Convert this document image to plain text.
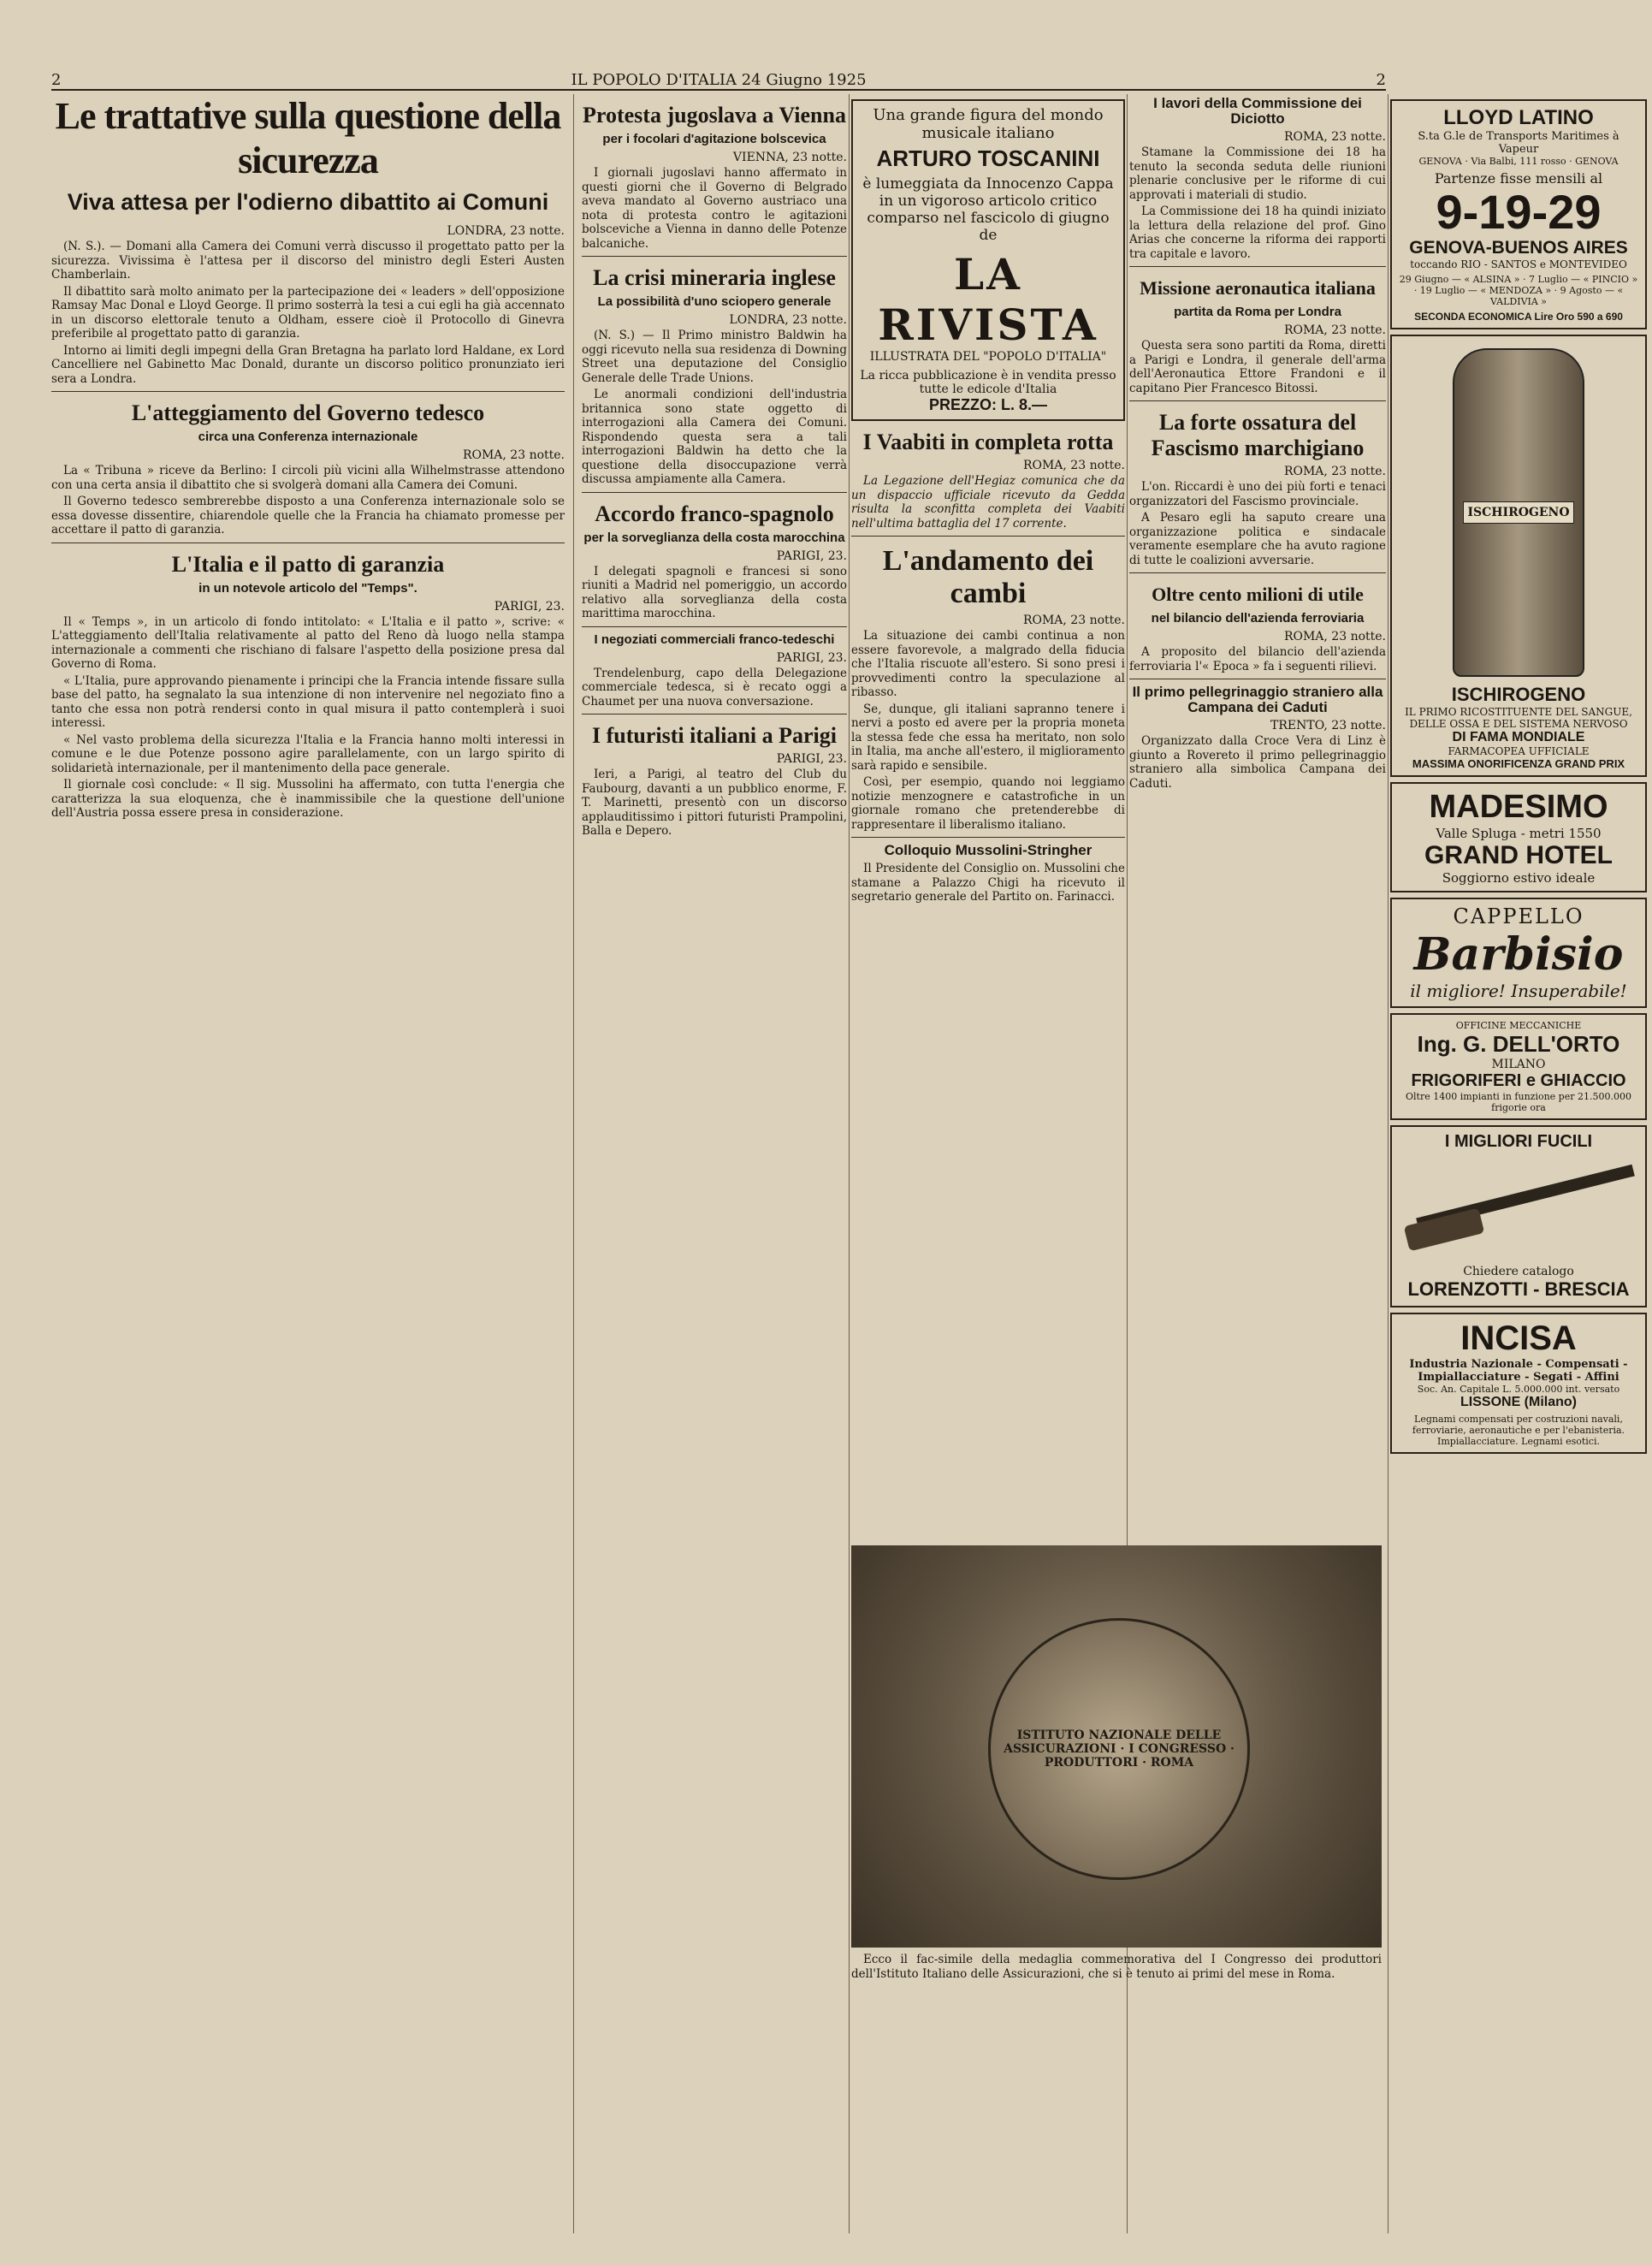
2	IL POPOLO D'ITALIA 24 Giugno 1925	2
Le trattative sulla questione della sicurezza
Viva attesa per l'odierno dibattito ai Comuni
LONDRA, 23 notte.

(N. S.). — Domani alla Camera dei Comuni verrà discusso il progettato patto per la sicurezza. Vivissima è l'attesa per il discorso del ministro degli Esteri Austen Chamberlain.

Il dibattito sarà molto animato per la partecipazione dei « leaders » dell'opposizione Ramsay Mac Donal e Lloyd George. Il primo sosterrà la tesi a cui egli ha già accennato in un discorso elettorale tenuto a Oldham, essere cioè il Protocollo di Ginevra preferibile al progettato patto di garanzia.

Intorno ai limiti degli impegni della Gran Bretagna ha parlato lord Haldane, ex Lord Cancelliere nel Gabinetto Mac Donald, durante un discorso politico pronunziato ieri sera a Londra.

L'atteggiamento del Governo tedesco
circa una Conferenza internazionale
ROMA, 23 notte.

La « Tribuna » riceve da Berlino: I circoli più vicini alla Wilhelmstrasse attendono con una certa ansia il dibattito che si svolgerà domani alla Camera dei Comuni.

Il Governo tedesco sembrerebbe disposto a una Conferenza internazionale solo se essa dovesse dissentire, chiarendole quelle che la Francia ha chiamato promesse per accettare il patto di garanzia.

L'Italia e il patto di garanzia
in un notevole articolo del "Temps".
PARIGI, 23.

Il « Temps », in un articolo di fondo intitolato: « L'Italia e il patto », scrive: « L'atteggiamento dell'Italia relativamente al patto del Reno dà luogo nella stampa internazionale a commenti che rischiano di falsare l'aspetto della posizione presa dal Governo di Roma.

« L'Italia, pure approvando pienamente i principi che la Francia intende fissare sulla base del patto, ha segnalato la sua intenzione di non intervenire nel negoziato fino a tanto che essa non potrà rendersi conto in qual misura il patto contemplerà i suoi interessi.

« Nel vasto problema della sicurezza l'Italia e la Francia hanno molti interessi in comune e le due Potenze possono agire parallelamente, con un largo spirito di solidarietà internazionale, per il mantenimento della pace generale.

Il giornale così conclude: « Il sig. Mussolini ha affermato, con tutta l'energia che caratterizza la sua eloquenza, che è inammissibile che la questione dell'unione dell'Austria possa essere presa in considerazione.

Protesta jugoslava a Vienna
per i focolari d'agitazione bolscevica
VIENNA, 23 notte.

I giornali jugoslavi hanno affermato in questi giorni che il Governo di Belgrado aveva mandato al Governo austriaco una nota di protesta contro le agitazioni bolsceviche a Vienna in danno delle Potenze balcaniche.

La crisi mineraria inglese
La possibilità d'uno sciopero generale
LONDRA, 23 notte.

(N. S.) — Il Primo ministro Baldwin ha oggi ricevuto nella sua residenza di Downing Street una deputazione del Consiglio Generale delle Trade Unions.

Le anormali condizioni dell'industria britannica sono state oggetto di interrogazioni alla Camera dei Comuni. Rispondendo questa sera a tali interrogazioni Baldwin ha detto che la questione della disoccupazione verrà discussa ampiamente alla Camera.

Accordo franco-spagnolo
per la sorveglianza della costa marocchina
PARIGI, 23.

I delegati spagnoli e francesi si sono riuniti a Madrid nel pomeriggio, un accordo relativo alla sorveglianza della costa marittima marocchina.

I negoziati commerciali franco-tedeschi
PARIGI, 23.

Trendelenburg, capo della Delegazione commerciale tedesca, si è recato oggi a Chaumet per una nuova conversazione.

I futuristi italiani a Parigi
PARIGI, 23.

Ieri, a Parigi, al teatro del Club du Faubourg, davanti a un pubblico enorme, F. T. Marinetti, presentò con un discorso applauditissimo i pittori futuristi Prampolini, Balla e Depero.

Una grande figura del mondo musicale italiano
ARTURO TOSCANINI
è lumeggiata da Innocenzo Cappa in un vigoroso articolo critico comparso nel fascicolo di giugno de
LA RIVISTA
ILLUSTRATA DEL "POPOLO D'ITALIA"
La ricca pubblicazione è in vendita presso tutte le edicole d'Italia
PREZZO: L. 8.—
I Vaabiti in completa rotta
ROMA, 23 notte.

La Legazione dell'Hegiaz comunica che da un dispaccio ufficiale ricevuto da Gedda risulta la sconfitta completa dei Vaabiti nell'ultima battaglia del 17 corrente.

L'andamento dei cambi
ROMA, 23 notte.

La situazione dei cambi continua a non essere favorevole, a malgrado della fiducia che l'Italia riscuote all'estero. Si sono presi i provvedimenti contro la speculazione al ribasso.

Se, dunque, gli italiani sapranno tenere i nervi a posto ed avere per la propria moneta la stessa fede che essa ha meritato, non solo in Italia, ma anche all'estero, il miglioramento sarà rapido e sensibile.

Così, per esempio, quando noi leggiamo notizie menzognere e catastrofiche in un giornale romano che pretenderebbe di rappresentare il liberalismo italiano.

Colloquio Mussolini-Stringher

Il Presidente del Consiglio on. Mussolini che stamane a Palazzo Chigi ha ricevuto il segretario generale del Partito on. Farinacci.

I lavori della Commissione dei Diciotto
ROMA, 23 notte.

Stamane la Commissione dei 18 ha tenuto la seconda seduta delle riunioni plenarie conclusive per le riforme di cui approvati i materiali di studio.

La Commissione dei 18 ha quindi iniziato la lettura della relazione del prof. Gino Arias che concerne la riforma dei rapporti tra capitale e lavoro.

Missione aeronautica italiana
partita da Roma per Londra
ROMA, 23 notte.

Questa sera sono partiti da Roma, diretti a Parigi e Londra, il generale dell'arma dell'Aeronautica Ettore Frandoni e il capitano Pier Francesco Bitossi.

La forte ossatura del Fascismo marchigiano
ROMA, 23 notte.

L'on. Riccardi è uno dei più forti e tenaci organizzatori del Fascismo provinciale.

A Pesaro egli ha saputo creare una organizzazione politica e sindacale veramente esemplare che ha avuto ragione di tutte le coalizioni avversarie.

Oltre cento milioni di utile
nel bilancio dell'azienda ferroviaria
ROMA, 23 notte.

A proposito del bilancio dell'azienda ferroviaria l'« Epoca » fa i seguenti rilievi.

Il primo pellegrinaggio straniero alla Campana dei Caduti
TRENTO, 23 notte.

Organizzato dalla Croce Vera di Linz è giunto a Rovereto il primo pellegrinaggio straniero alla simbolica Campana dei Caduti.

ISTITUTO NAZIONALE DELLE ASSICURAZIONI · I CONGRESSO · PRODUTTORI · ROMA

Ecco il fac-simile della medaglia commemorativa del I Congresso dei produttori dell'Istituto Italiano delle Assicurazioni, che si è tenuto ai primi del mese in Roma.

LLOYD LATINO
S.ta G.le de Transports Maritimes à Vapeur
GENOVA · Via Balbi, 111 rosso · GENOVA
Partenze fisse mensili al
9-19-29
GENOVA-BUENOS AIRES
toccando RIO - SANTOS e MONTEVIDEO
29 Giugno — « ALSINA » · 7 Luglio — « PINCIO » · 19 Luglio — « MENDOZA » · 9 Agosto — « VALDIVIA »
SECONDA ECONOMICA Lire Oro 590 a 690
ISCHIROGENO
ISCHIROGENO
IL PRIMO RICOSTITUENTE DEL SANGUE, DELLE OSSA E DEL SISTEMA NERVOSO
DI FAMA MONDIALE
FARMACOPEA UFFICIALE
MASSIMA ONORIFICENZA GRAND PRIX
MADESIMO
Valle Spluga - metri 1550
GRAND HOTEL
Soggiorno estivo ideale
CAPPELLO
Barbisio
il migliore! Insuperabile!
OFFICINE MECCANICHE
Ing. G. DELL'ORTO
MILANO
FRIGORIFERI e GHIACCIO
Oltre 1400 impianti in funzione per 21.500.000 frigorie ora
I MIGLIORI FUCILI
Chiedere catalogo
LORENZOTTI - BRESCIA
INCISA
Industria Nazionale - Compensati - Impiallacciature - Segati - Affini
Soc. An. Capitale L. 5.000.000 int. versato
LISSONE (Milano)
Legnami compensati per costruzioni navali, ferroviarie, aeronautiche e per l'ebanisteria. Impiallacciature. Legnami esotici.
